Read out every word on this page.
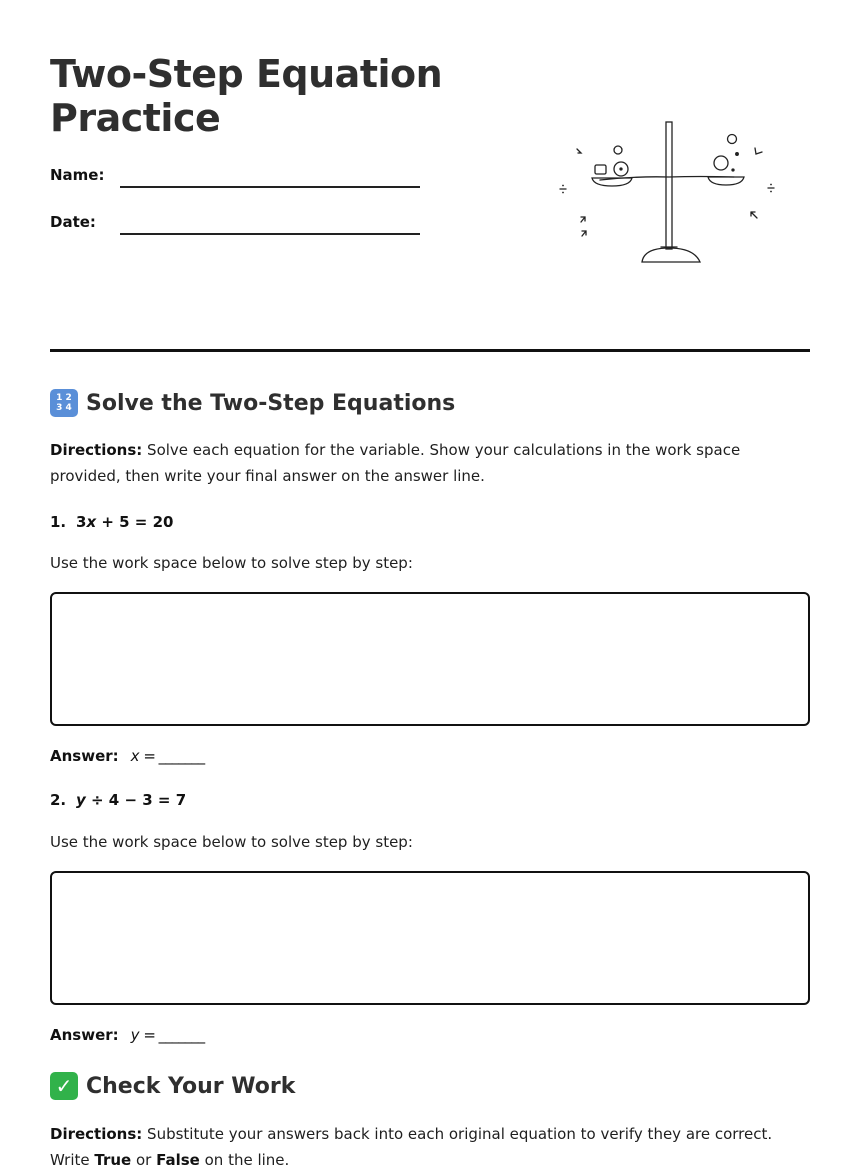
Two-Step Equation Practice
Name:
Date:
1 2
3 4 Solve the Two-Step Equations
Directions: Solve each equation for the variable. Show your calculations in the work space provided, then write your final answer on the answer line.
1. 3x + 5 = 20
Use the work space below to solve step by step:
Answer: x = _______
2. y ÷ 4 − 3 = 7
Use the work space below to solve step by step:
Answer: y = _______
✓ Check Your Work
Directions: Substitute your answers back into each original equation to verify they are correct. Write True or False on the line.
